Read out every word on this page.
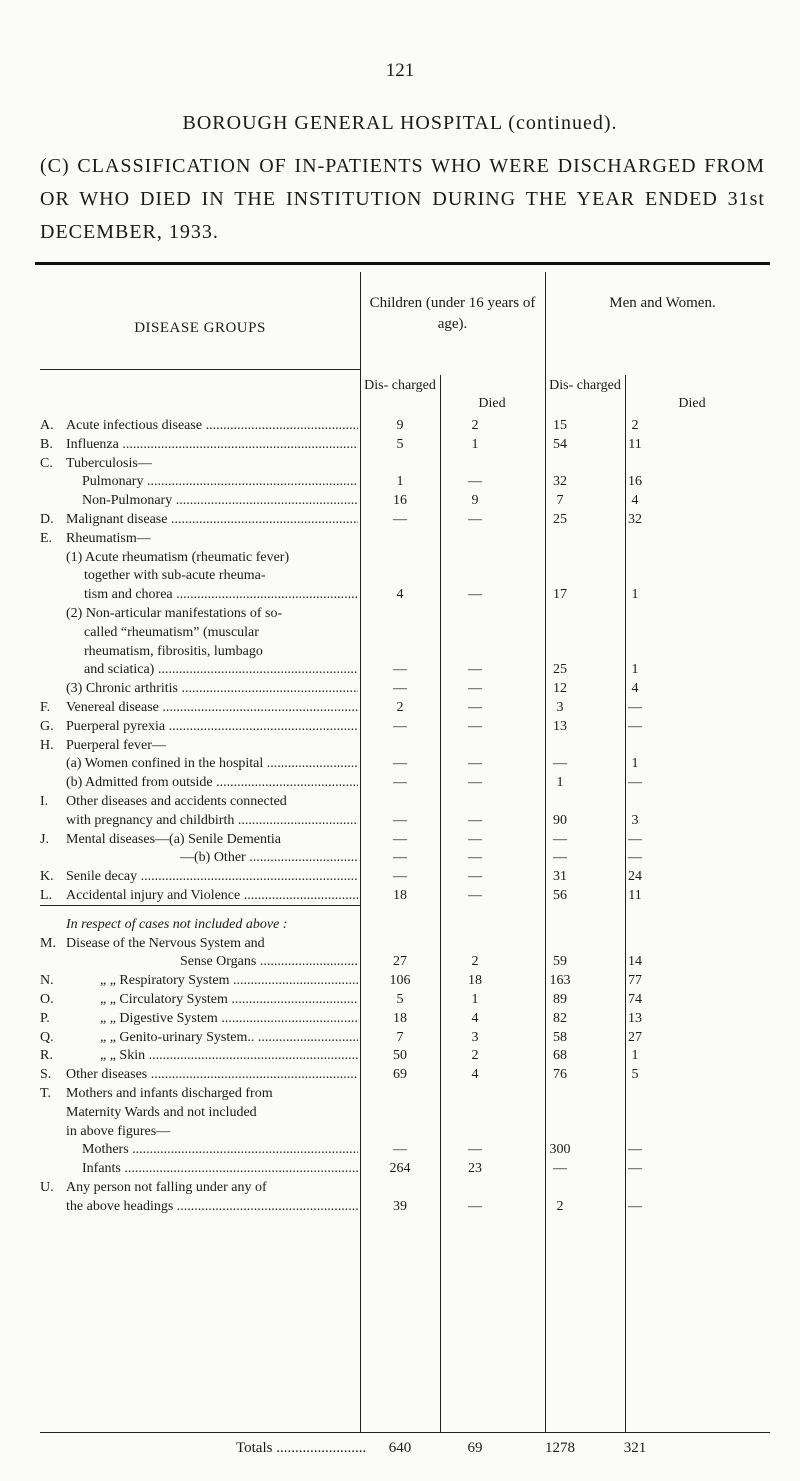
121
BOROUGH GENERAL HOSPITAL (continued).
(C) CLASSIFICATION OF IN-PATIENTS WHO WERE DISCHARGED FROM OR WHO DIED IN THE INSTITUTION DURING THE YEAR ENDED 31st DECEMBER, 1933.
DISEASE GROUPS
Children (under 16 years of age).
Men and Women.
Dis- charged
Died
Dis- charged
Died
A. Acute infectious disease .....	9	2	15	2
B. Influenza .....	5	1	54	11
C. Tuberculosis—
Pulmonary .....	1	—	32	16
Non-Pulmonary .....	16	9	7	4
D. Malignant disease .....	—	—	25	32
E. Rheumatism—
(1) Acute rheumatism (rheumatic fever)
together with sub-acute rheuma-
tism and chorea .....	4	—	17	1
(2) Non-articular manifestations of so-
called “rheumatism” (muscular
rheumatism, fibrositis, lumbago
and sciatica) .....	—	—	25	1
(3) Chronic arthritis .....	—	—	12	4
F.	Venereal disease .....	2	—	3	—
G. Puerperal pyrexia .....	—	—	13	—
H. Puerperal fever—
(a) Women confined in the hospital .....	—	—	—	1
(b) Admitted from outside .....	—	—	1	—
I.	Other diseases and accidents connected
with pregnancy and childbirth .....	—	—	90	3
J.	Mental diseases—(a) Senile Dementia	—	—	—	—
—(b) Other .....	—	—	—	—
K. Senile decay .....	—	—	31	24
L. Accidental injury and Violence .....	18	—	56	11
In respect of cases not included above :
M. Disease of the Nervous System and
Sense Organs .....	27	2	59	14
N.	„ „ Respiratory System .....	106	18	163	77
O.	„ „ Circulatory System .....	5	1	89	74
P.	„ „ Digestive System .....	18	4	82	13
Q.	„ „ Genito-urinary System.. .....	7	3	58	27
R.	„ „ Skin .....	50	2	68	1
S.	Other diseases .....	69	4	76	5
T.	Mothers and infants discharged from
Maternity Wards and not included
in above figures—
Mothers .....	—	—	300	—
Infants .....	264	23	—	—
U. Any person not falling under any of
the above headings .....	39	—	2	—
Totals .....	640	69	1278	321
